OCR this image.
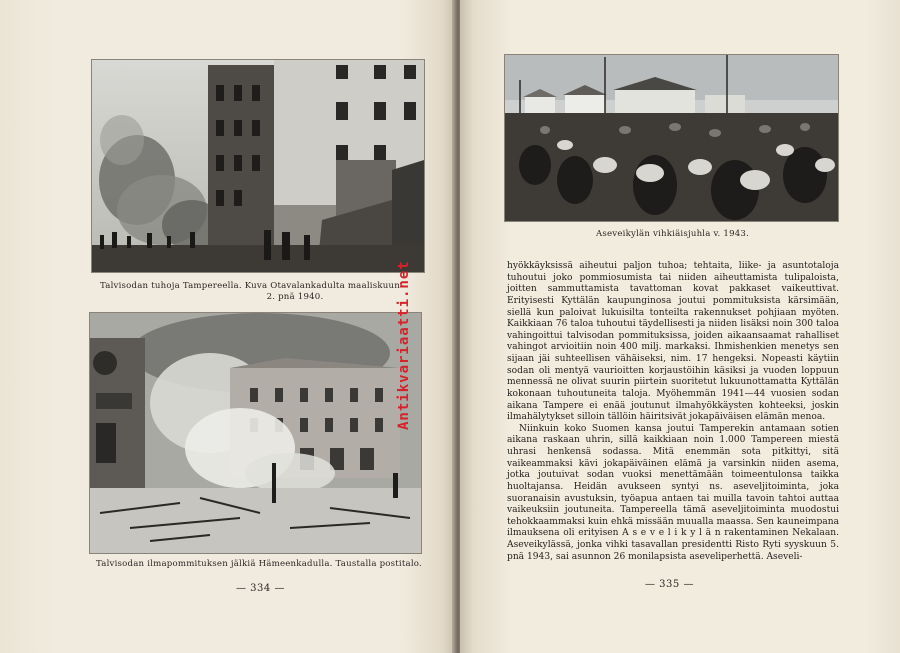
Talvisodan tuhoja Tampereella. Kuva Otavalankadulta maaliskuun
2. pnä 1940.
Talvisodan ilmapommituksen jälkiä Hämeenkadulla. Taustalla postitalo.
— 334 —
Aseveikylän vihkiäisjuhla v. 1943.

hyökkäyksissä aiheutui paljon tuhoa; tehtaita, liike- ja asuntotaloja tuhoutui joko pommiosumista tai niiden aiheuttamista tulipaloista, joitten sammuttamista tavattoman kovat pakkaset vaikeuttivat. Erityisesti Kyttälän kaupunginosa joutui pommituksista kärsimään, siellä kun paloivat lukuisilta tonteilta rakennukset pohjiaan myöten. Kaikkiaan 76 taloa tuhoutui täydellisesti ja niiden lisäksi noin 300 taloa vahingoittui talvisodan pommituksissa, joiden aikaansaamat rahalliset vahingot arvioitiin noin 400 milj. markaksi. Ihmishenkien menetys sen sijaan jäi suhteellisen vähäiseksi, nim. 17 hengeksi. Nopeasti käytiin sodan oli mentyä vaurioitten korjaustöihin käsiksi ja vuoden loppuun mennessä ne olivat suurin piirtein suoritetut lukuunottamatta Kyttälän kokonaan tuhoutuneita taloja. Myöhemmän 1941—44 vuosien sodan aikana Tampere ei enää joutunut ilmahyökkäysten kohteeksi, joskin ilmahälytykset silloin tällöin häiritsivät jokapäiväisen elämän menoa.

Niinkuin koko Suomen kansa joutui Tamperekin antamaan sotien aikana raskaan uhrin, sillä kaikkiaan noin 1.000 Tampereen miestä uhrasi henkensä sodassa. Mitä enemmän sota pitkittyi, sitä vaikeammaksi kävi jokapäiväinen elämä ja varsinkin niiden asema, jotka joutuivat sodan vuoksi menettämään toimeentulonsa taikka huoltajansa. Heidän avukseen syntyi ns. aseveljitoiminta, joka suoranaisin avustuksin, työapua antaen tai muilla tavoin tahtoi auttaa vaikeuksiin joutuneita. Tampereella tämä aseveljitoiminta muodostui tehokkaammaksi kuin ehkä missään muualla maassa. Sen kauneimpana ilmauksena oli erityisen A s e v e l i k y l ä n rakentaminen Nekalaan. Aseveikylässä, jonka vihki tasavallan presidentti Risto Ryti syyskuun 5. pnä 1943, sai asunnon 26 monilapsista aseveliperhettä. Aseveli-

— 335 —
Antikvariaatti.net
